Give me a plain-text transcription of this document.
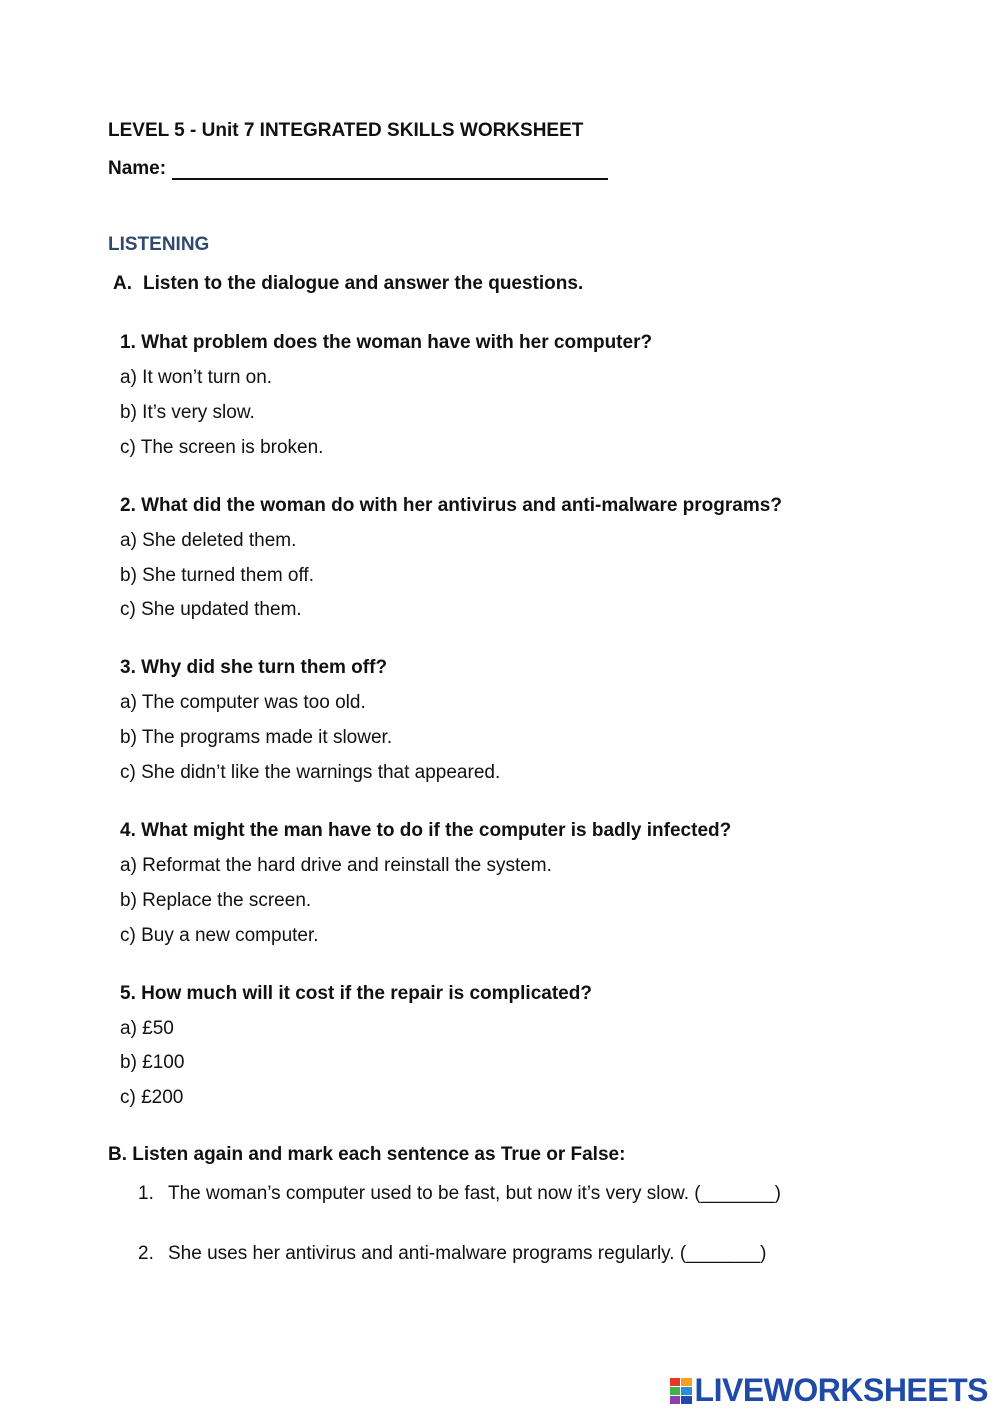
LEVEL 5 - Unit 7 INTEGRATED SKILLS WORKSHEET
Name:
LISTENING
A. Listen to the dialogue and answer the questions.
1. What problem does the woman have with her computer?
a) It won’t turn on.
b) It’s very slow.
c) The screen is broken.
2. What did the woman do with her antivirus and anti-malware programs?
a) She deleted them.
b) She turned them off.
c) She updated them.
3. Why did she turn them off?
a) The computer was too old.
b) The programs made it slower.
c) She didn’t like the warnings that appeared.
4. What might the man have to do if the computer is badly infected?
a) Reformat the hard drive and reinstall the system.
b) Replace the screen.
c) Buy a new computer.
5. How much will it cost if the repair is complicated?
a) £50
b) £100
c) £200
B. Listen again and mark each sentence as True or False:
1. The woman’s computer used to be fast, but now it’s very slow. (_______)
2. She uses her antivirus and anti-malware programs regularly. (_______)
LIVEWORKSHEETS
